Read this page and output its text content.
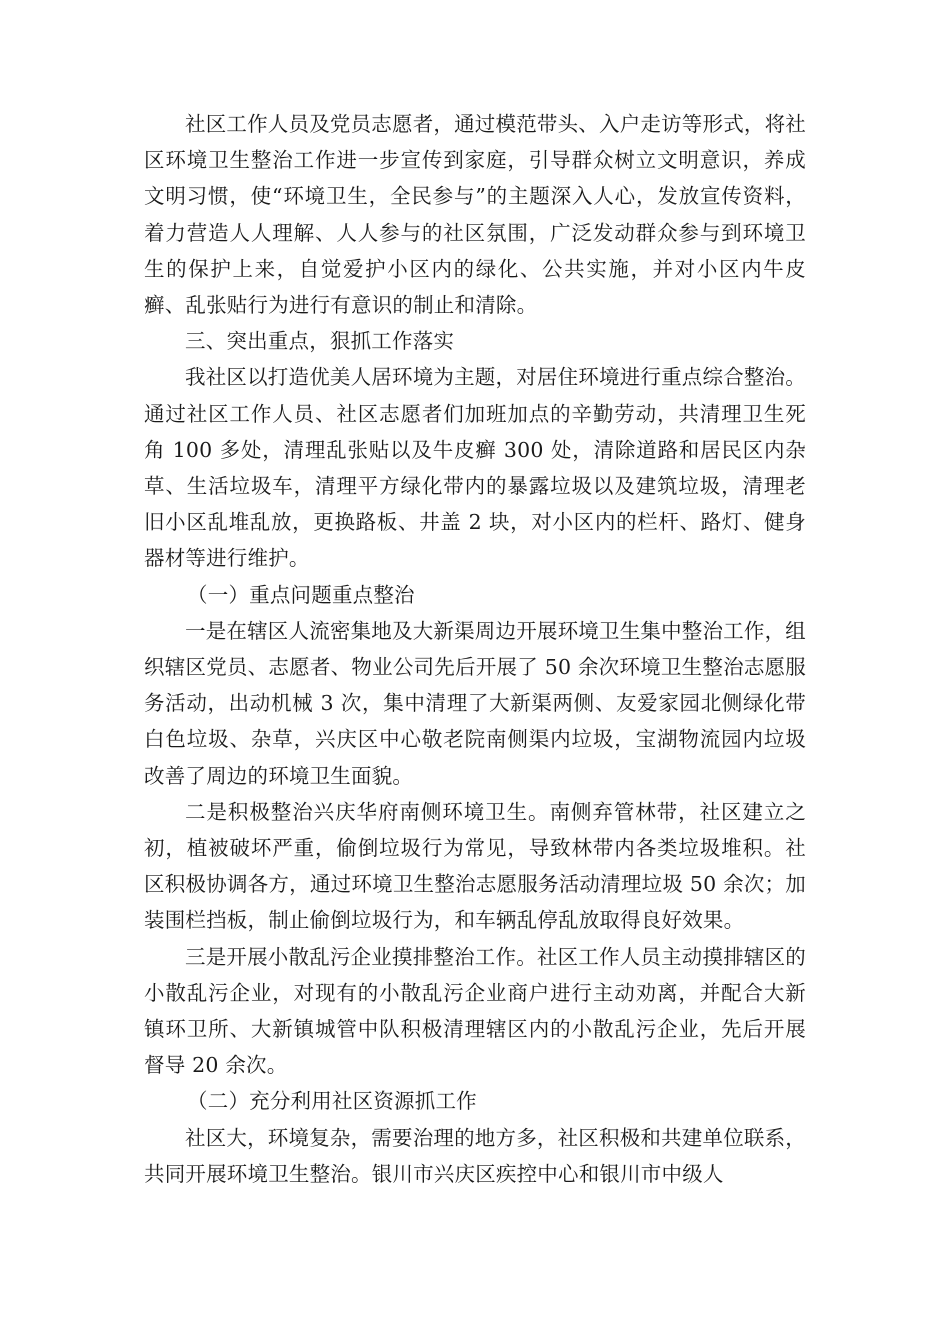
社区工作人员及党员志愿者，通过模范带头、入户走访等形式，将社区环境卫生整治工作进一步宣传到家庭，引导群众树立文明意识，养成文明习惯，使“环境卫生，全民参与”的主题深入人心，发放宣传资料，着力营造人人理解、人人参与的社区氛围，广泛发动群众参与到环境卫生的保护上来，自觉爱护小区内的绿化、公共实施，并对小区内牛皮癣、乱张贴行为进行有意识的制止和清除。

三、突出重点，狠抓工作落实

我社区以打造优美人居环境为主题，对居住环境进行重点综合整治。通过社区工作人员、社区志愿者们加班加点的辛勤劳动，共清理卫生死角 100 多处，清理乱张贴以及牛皮癣 300 处，清除道路和居民区内杂草、生活垃圾车，清理平方绿化带内的暴露垃圾以及建筑垃圾，清理老旧小区乱堆乱放，更换路板、井盖 2 块，对小区内的栏杆、路灯、健身器材等进行维护。

（一）重点问题重点整治

一是在辖区人流密集地及大新渠周边开展环境卫生集中整治工作，组织辖区党员、志愿者、物业公司先后开展了 50 余次环境卫生整治志愿服务活动，出动机械 3 次，集中清理了大新渠两侧、友爱家园北侧绿化带白色垃圾、杂草，兴庆区中心敬老院南侧渠内垃圾，宝湖物流园内垃圾改善了周边的环境卫生面貌。

二是积极整治兴庆华府南侧环境卫生。南侧弃管林带，社区建立之初，植被破坏严重，偷倒垃圾行为常见，导致林带内各类垃圾堆积。社区积极协调各方，通过环境卫生整治志愿服务活动清理垃圾 50 余次；加装围栏挡板，制止偷倒垃圾行为，和车辆乱停乱放取得良好效果。

三是开展小散乱污企业摸排整治工作。社区工作人员主动摸排辖区的小散乱污企业，对现有的小散乱污企业商户进行主动劝离，并配合大新镇环卫所、大新镇城管中队积极清理辖区内的小散乱污企业，先后开展督导 20 余次。

（二）充分利用社区资源抓工作

社区大，环境复杂，需要治理的地方多，社区积极和共建单位联系，共同开展环境卫生整治。银川市兴庆区疾控中心和银川市中级人
